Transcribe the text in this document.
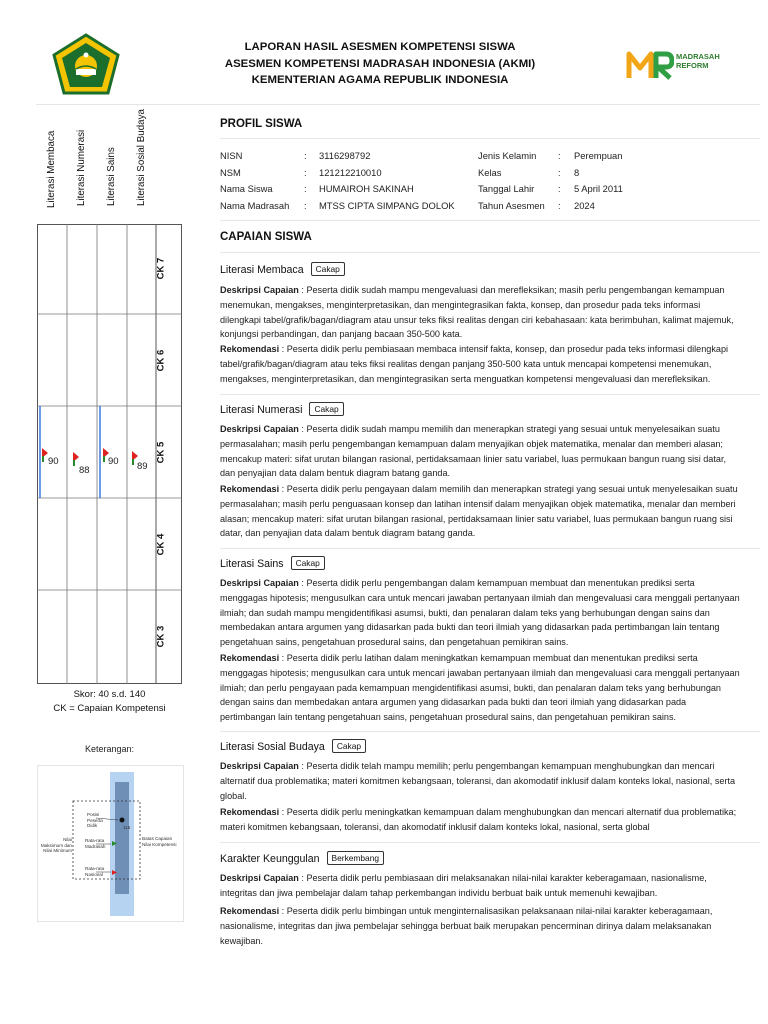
LAPORAN HASIL ASESMEN KOMPETENSI SISWA
ASESMEN KOMPETENSI MADRASAH INDONESIA (AKMI)
KEMENTERIAN AGAMA REPUBLIK INDONESIA
MADRASAH
REFORM
Literasi Membaca Literasi Numerasi Literasi Sains Literasi Sosial Budaya
CK 7
CK 6
CK 5
CK 4
CK 3
90
88
90 89
Skor: 40 s.d. 140
CK = Capaian Kompetensi
Keterangan:
Posisi Peserta Didik	115
Rata-rata Madrasah
Rata-rata Nasional
Nilai Maksimum dan Nilai Minimum
Batas Capaian Nilai Kompetensi
PROFIL SISWA
NISN	: 3116298792
NSM	: 121212210010
Nama Siswa	: HUMAIROH SAKINAH
Nama Madrasah : MTSS CIPTA SIMPANG DOLOK
Jenis Kelamin : Perempuan
Kelas	: 8
Tanggal Lahir	: 5 April 2011
Tahun Asesmen : 2024
CAPAIAN SISWA
Literasi Membaca Cakap
Deskripsi Capaian : Peserta didik sudah mampu mengevaluasi dan merefleksikan; masih perlu pengembangan kemampuan menemukan, mengakses, menginterpretasikan, dan mengintegrasikan fakta, konsep, dan prosedur pada teks informasi dilengkapi tabel/grafik/bagan/diagram atau unsur teks fiksi realitas dengan ciri kebahasaan: kata berimbuhan, kalimat majemuk, konjungsi perbandingan, dan panjang bacaan 350-500 kata.
Rekomendasi : Peserta didik perlu pembiasaan membaca intensif fakta, konsep, dan prosedur pada teks informasi dilengkapi tabel/grafik/bagan/diagram atau teks fiksi realitas dengan panjang 350-500 kata untuk mencapai kompetensi menemukan, mengakses, menginterpretasikan, dan mengintegrasikan serta menguatkan kompetensi mengevaluasi dan merefleksikan.
Literasi Numerasi Cakap
Deskripsi Capaian : Peserta didik sudah mampu memilih dan menerapkan strategi yang sesuai untuk menyelesaikan suatu permasalahan; masih perlu pengembangan kemampuan dalam menyajikan objek matematika, menalar dan memberi alasan; mencakup materi: sifat urutan bilangan rasional, pertidaksamaan linier satu variabel, luas permukaan bangun ruang sisi datar, dan penyajian data dalam bentuk diagram batang ganda.
Rekomendasi : Peserta didik perlu pengayaan dalam memilih dan menerapkan strategi yang sesuai untuk menyelesaikan suatu permasalahan; masih perlu penguasaan konsep dan latihan intensif dalam menyajikan objek matematika, menalar dan memberi alasan; mencakup materi: sifat urutan bilangan rasional, pertidaksamaan linier satu variabel, luas permukaan bangun ruang sisi datar, dan penyajian data dalam bentuk diagram batang ganda.
Literasi Sains Cakap
Deskripsi Capaian : Peserta didik perlu pengembangan dalam kemampuan membuat dan menentukan prediksi serta menggagas hipotesis; mengusulkan cara untuk mencari jawaban pertanyaan ilmiah dan mengevaluasi cara menggali pertanyaan ilmiah; dan sudah mampu mengidentifikasi asumsi, bukti, dan penalaran dalam teks yang berhubungan dengan sains dan membedakan antara argumen yang didasarkan pada bukti dan teori ilmiah yang didasarkan pada pertimbangan lain tentang pengetahuan sains, pengetahuan prosedural sains, dan pengetahuan pemikiran sains.
Rekomendasi : Peserta didik perlu latihan dalam meningkatkan kemampuan membuat dan menentukan prediksi serta menggagas hipotesis; mengusulkan cara untuk mencari jawaban pertanyaan ilmiah dan mengevaluasi cara menggali pertanyaan ilmiah; dan perlu pengayaan pada kemampuan mengidentifikasi asumsi, bukti, dan penalaran dalam teks yang berhubungan dengan sains dan membedakan antara argumen yang didasarkan pada bukti dan teori ilmiah yang didasarkan pada pertimbangan lain tentang pengetahuan sains, pengetahuan prosedural sains, dan pengetahuan pemikiran sains.
Literasi Sosial Budaya Cakap
Deskripsi Capaian : Peserta didik telah mampu memilih; perlu pengembangan kemampuan menghubungkan dan mencari alternatif dua problematika; materi komitmen kebangsaan, toleransi, dan akomodatif inklusif dalam konteks lokal, nasional, serta global.
Rekomendasi : Peserta didik perlu meningkatkan kemampuan dalam menghubungkan dan mencari alternatif dua problematika; materi komitmen kebangsaan, toleransi, dan akomodatif inklusif dalam konteks lokal, nasional, serta global
Karakter Keunggulan Berkembang
Deskripsi Capaian : Peserta didik perlu pembiasaan diri melaksanakan nilai-nilai karakter keberagamaan, nasionalisme, integritas dan jiwa pembelajar dalam tahap perkembangan individu berbuat baik untuk memenuhi kewajiban.
Rekomendasi : Peserta didik perlu bimbingan untuk menginternalisasikan pelaksanaan nilai-nilai karakter keberagamaan, nasionalisme, integritas dan jiwa pembelajar sehingga berbuat baik merupakan pencerminan dirinya dalam melaksanakan kewajiban.
